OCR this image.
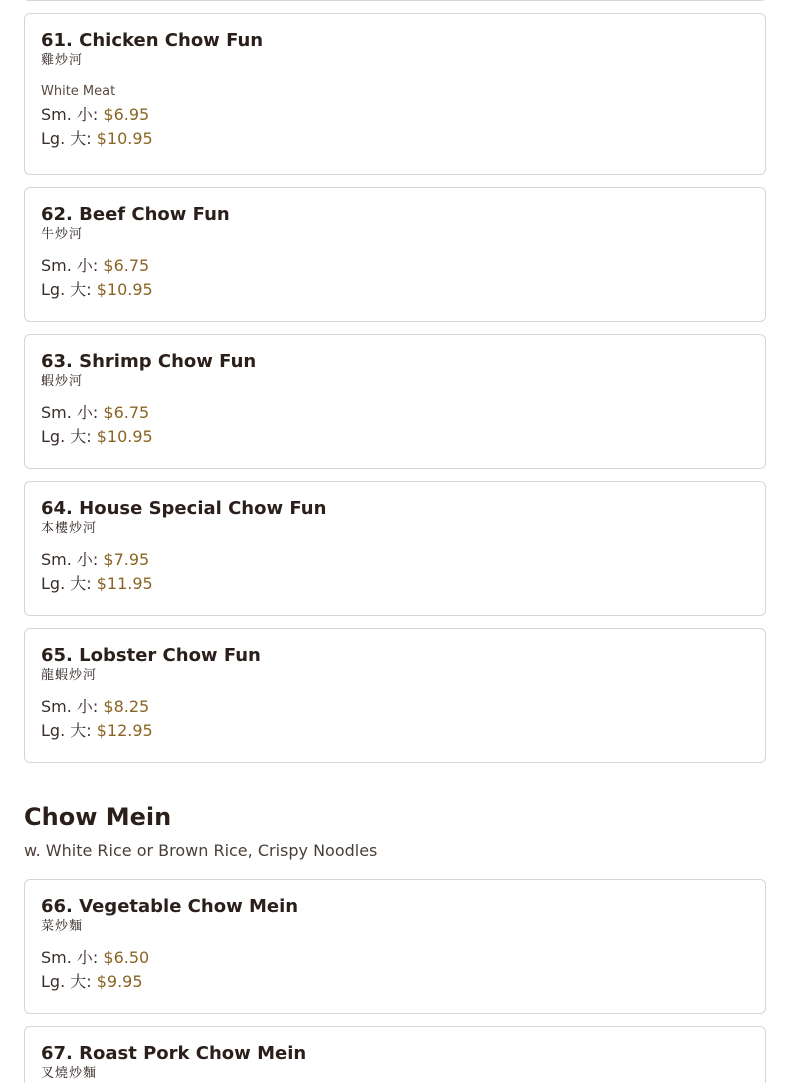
61. Chicken Chow Fun
雞炒河
White Meat
Sm. 小: $6.95
Lg. 大: $10.95
62. Beef Chow Fun
牛炒河
Sm. 小: $6.75
Lg. 大: $10.95
63. Shrimp Chow Fun
蝦炒河
Sm. 小: $6.75
Lg. 大: $10.95
64. House Special Chow Fun
本樓炒河
Sm. 小: $7.95
Lg. 大: $11.95
65. Lobster Chow Fun
龍蝦炒河
Sm. 小: $8.25
Lg. 大: $12.95
Chow Mein
w. White Rice or Brown Rice, Crispy Noodles
66. Vegetable Chow Mein
菜炒麵
Sm. 小: $6.50
Lg. 大: $9.95
67. Roast Pork Chow Mein
叉燒炒麵
